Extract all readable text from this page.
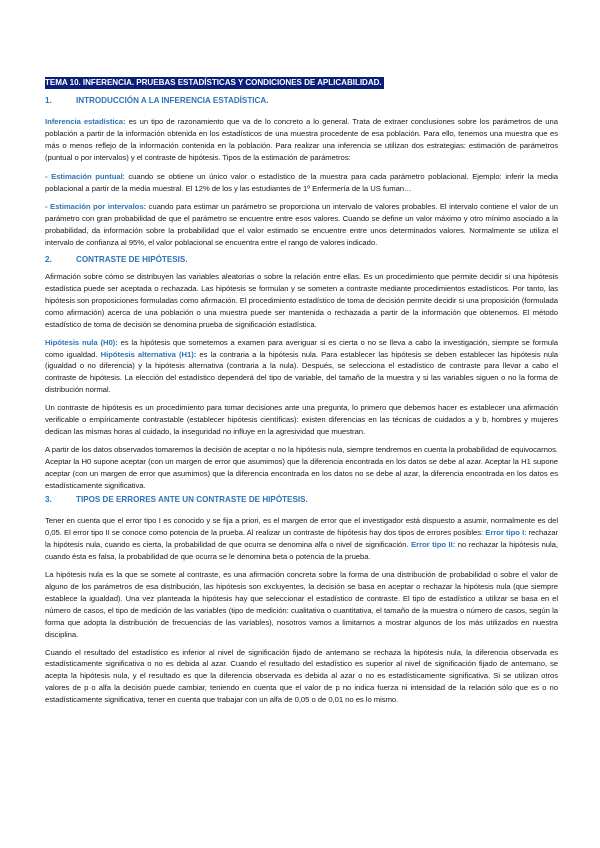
TEMA 10. INFERENCIA. PRUEBAS ESTADÍSTICAS Y CONDICIONES DE APLICABILIDAD.
1.	INTRODUCCIÓN A LA INFERENCIA ESTADÍSTICA.

Inferencia estadística: es un tipo de razonamiento que va de lo concreto a lo general. Trata de extraer conclusiones sobre los parámetros de una población a partir de la información obtenida en los estadísticos de una muestra procedente de esa población. Para ello, tenemos una muestra que es más o menos reflejo de la información contenida en la población. Para realizar una inferencia se utilizan dos estrategias: estimación de parámetros (puntual o por intervalos) y el contraste de hipótesis. Tipos de la estimación de parámetros:

- Estimación puntual: cuando se obtiene un único valor o estadístico de la muestra para cada parámetro poblacional. Ejemplo: inferir la media poblacional a partir de la media muestral. El 12% de los y las estudiantes de 1º Enfermería de la US fuman…

- Estimación por intervalos: cuando para estimar un parámetro se proporciona un intervalo de valores probables. El intervalo contiene el valor de un parámetro con gran probabilidad de que el parámetro se encuentre entre esos valores. Cuando se define un valor máximo y otro mínimo asociado a la probabilidad, da información sobre la probabilidad que el valor estimado se encuentre entre unos determinados valores. Normalmente se utiliza el intervalo de confianza al 95%, el valor poblacional se encuentra entre el rango de valores indicado.

2.	CONTRASTE DE HIPÓTESIS.

Afirmación sobre cómo se distribuyen las variables aleatorias o sobre la relación entre ellas. Es un procedimiento que permite decidir si una hipótesis estadística puede ser aceptada o rechazada. Las hipótesis se formulan y se someten a contraste mediante procedimientos estadísticos. Por tanto, las hipótesis son proposiciones formuladas como afirmación. El procedimiento estadístico de toma de decisión permite decidir si una proposición (formulada como afirmación) acerca de una población o una muestra puede ser mantenida o rechazada a partir de la información que obtenemos. El método estadístico de toma de decisión se denomina prueba de significación estadística.

Hipótesis nula (H0): es la hipótesis que sometemos a examen para averiguar si es cierta o no se lleva a cabo la investigación, siempre se formula como igualdad. Hipótesis alternativa (H1): es la contraria a la hipótesis nula. Para establecer las hipótesis se deben establecer las hipótesis nula (igualdad o no diferencia) y la hipótesis alternativa (contraria a la nula). Después, se selecciona el estadístico de contraste para llevar a cabo el contraste de hipótesis. La elección del estadístico dependerá del tipo de variable, del tamaño de la muestra y si las variables siguen o no la forma de distribución normal.

Un contraste de hipótesis es un procedimiento para tomar decisiones ante una pregunta, lo primero que debemos hacer es establecer una afirmación verificable o empíricamente contrastable (establecer hipótesis científicas): existen diferencias en las técnicas de cuidados a y b, hombres y mujeres dedican las mismas horas al cuidado, la inseguridad no influye en la agresividad que muestran.

A partir de los datos observados tomaremos la decisión de aceptar o no la hipótesis nula, siempre tendremos en cuenta la probabilidad de equivocarnos. Aceptar la H0 supone aceptar (con un margen de error que asumimos) que la diferencia encontrada en los datos se debe al azar. Aceptar la H1 supone aceptar (con un margen de error que asumimos) que la diferencia encontrada en los datos no se debe al azar, la diferencia encontrada en los datos es estadísticamente significativa.

3.	TIPOS DE ERRORES ANTE UN CONTRASTE DE HIPÓTESIS.

Tener en cuenta que el error tipo I es conocido y se fija a priori, es el margen de error que el investigador está dispuesto a asumir, normalmente es del 0,05. El error tipo II se conoce como potencia de la prueba. Al realizar un contraste de hipótesis hay dos tipos de errores posibles: Error tipo I: rechazar la hipótesis nula, cuando es cierta, la probabilidad de que ocurra se denomina alfa o nivel de significación. Error tipo II: no rechazar la hipótesis nula, cuando ésta es falsa, la probabilidad de que ocurra se le denomina beta o potencia de la prueba.

La hipótesis nula es la que se somete al contraste, es una afirmación concreta sobre la forma de una distribución de probabilidad o sobre el valor de alguno de los parámetros de esa distribución, las hipótesis son excluyentes, la decisión se basa en aceptar o rechazar la hipótesis nula (que siempre establece la igualdad). Una vez planteada la hipótesis hay que seleccionar el estadístico de contraste. El tipo de estadístico a utilizar se basa en el número de casos, el tipo de medición de las variables (tipo de medición: cualitativa o cuantitativa, el tamaño de la muestra o número de casos, según la forma que adopta la distribución de frecuencias de las variables), nosotros vamos a limitarnos a mostrar algunos de los más utilizados en nuestra disciplina.

Cuando el resultado del estadístico es inferior al nivel de significación fijado de antemano se rechaza la hipótesis nula, la diferencia observada es estadísticamente significativa o no es debida al azar. Cuando el resultado del estadístico es superior al nivel de significación fijado de antemano, se acepta la hipótesis nula, y el resultado es que la diferencia observada es debida al azar o no es estadísticamente significativa. Si se utilizan otros valores de p o alfa la decisión puede cambiar, teniendo en cuenta que el valor de p no indica fuerza ni intensidad de la relación sólo que es o no estadísticamente significativa, tener en cuenta que trabajar con un alfa de 0,05 o de 0,01 no es lo mismo.
